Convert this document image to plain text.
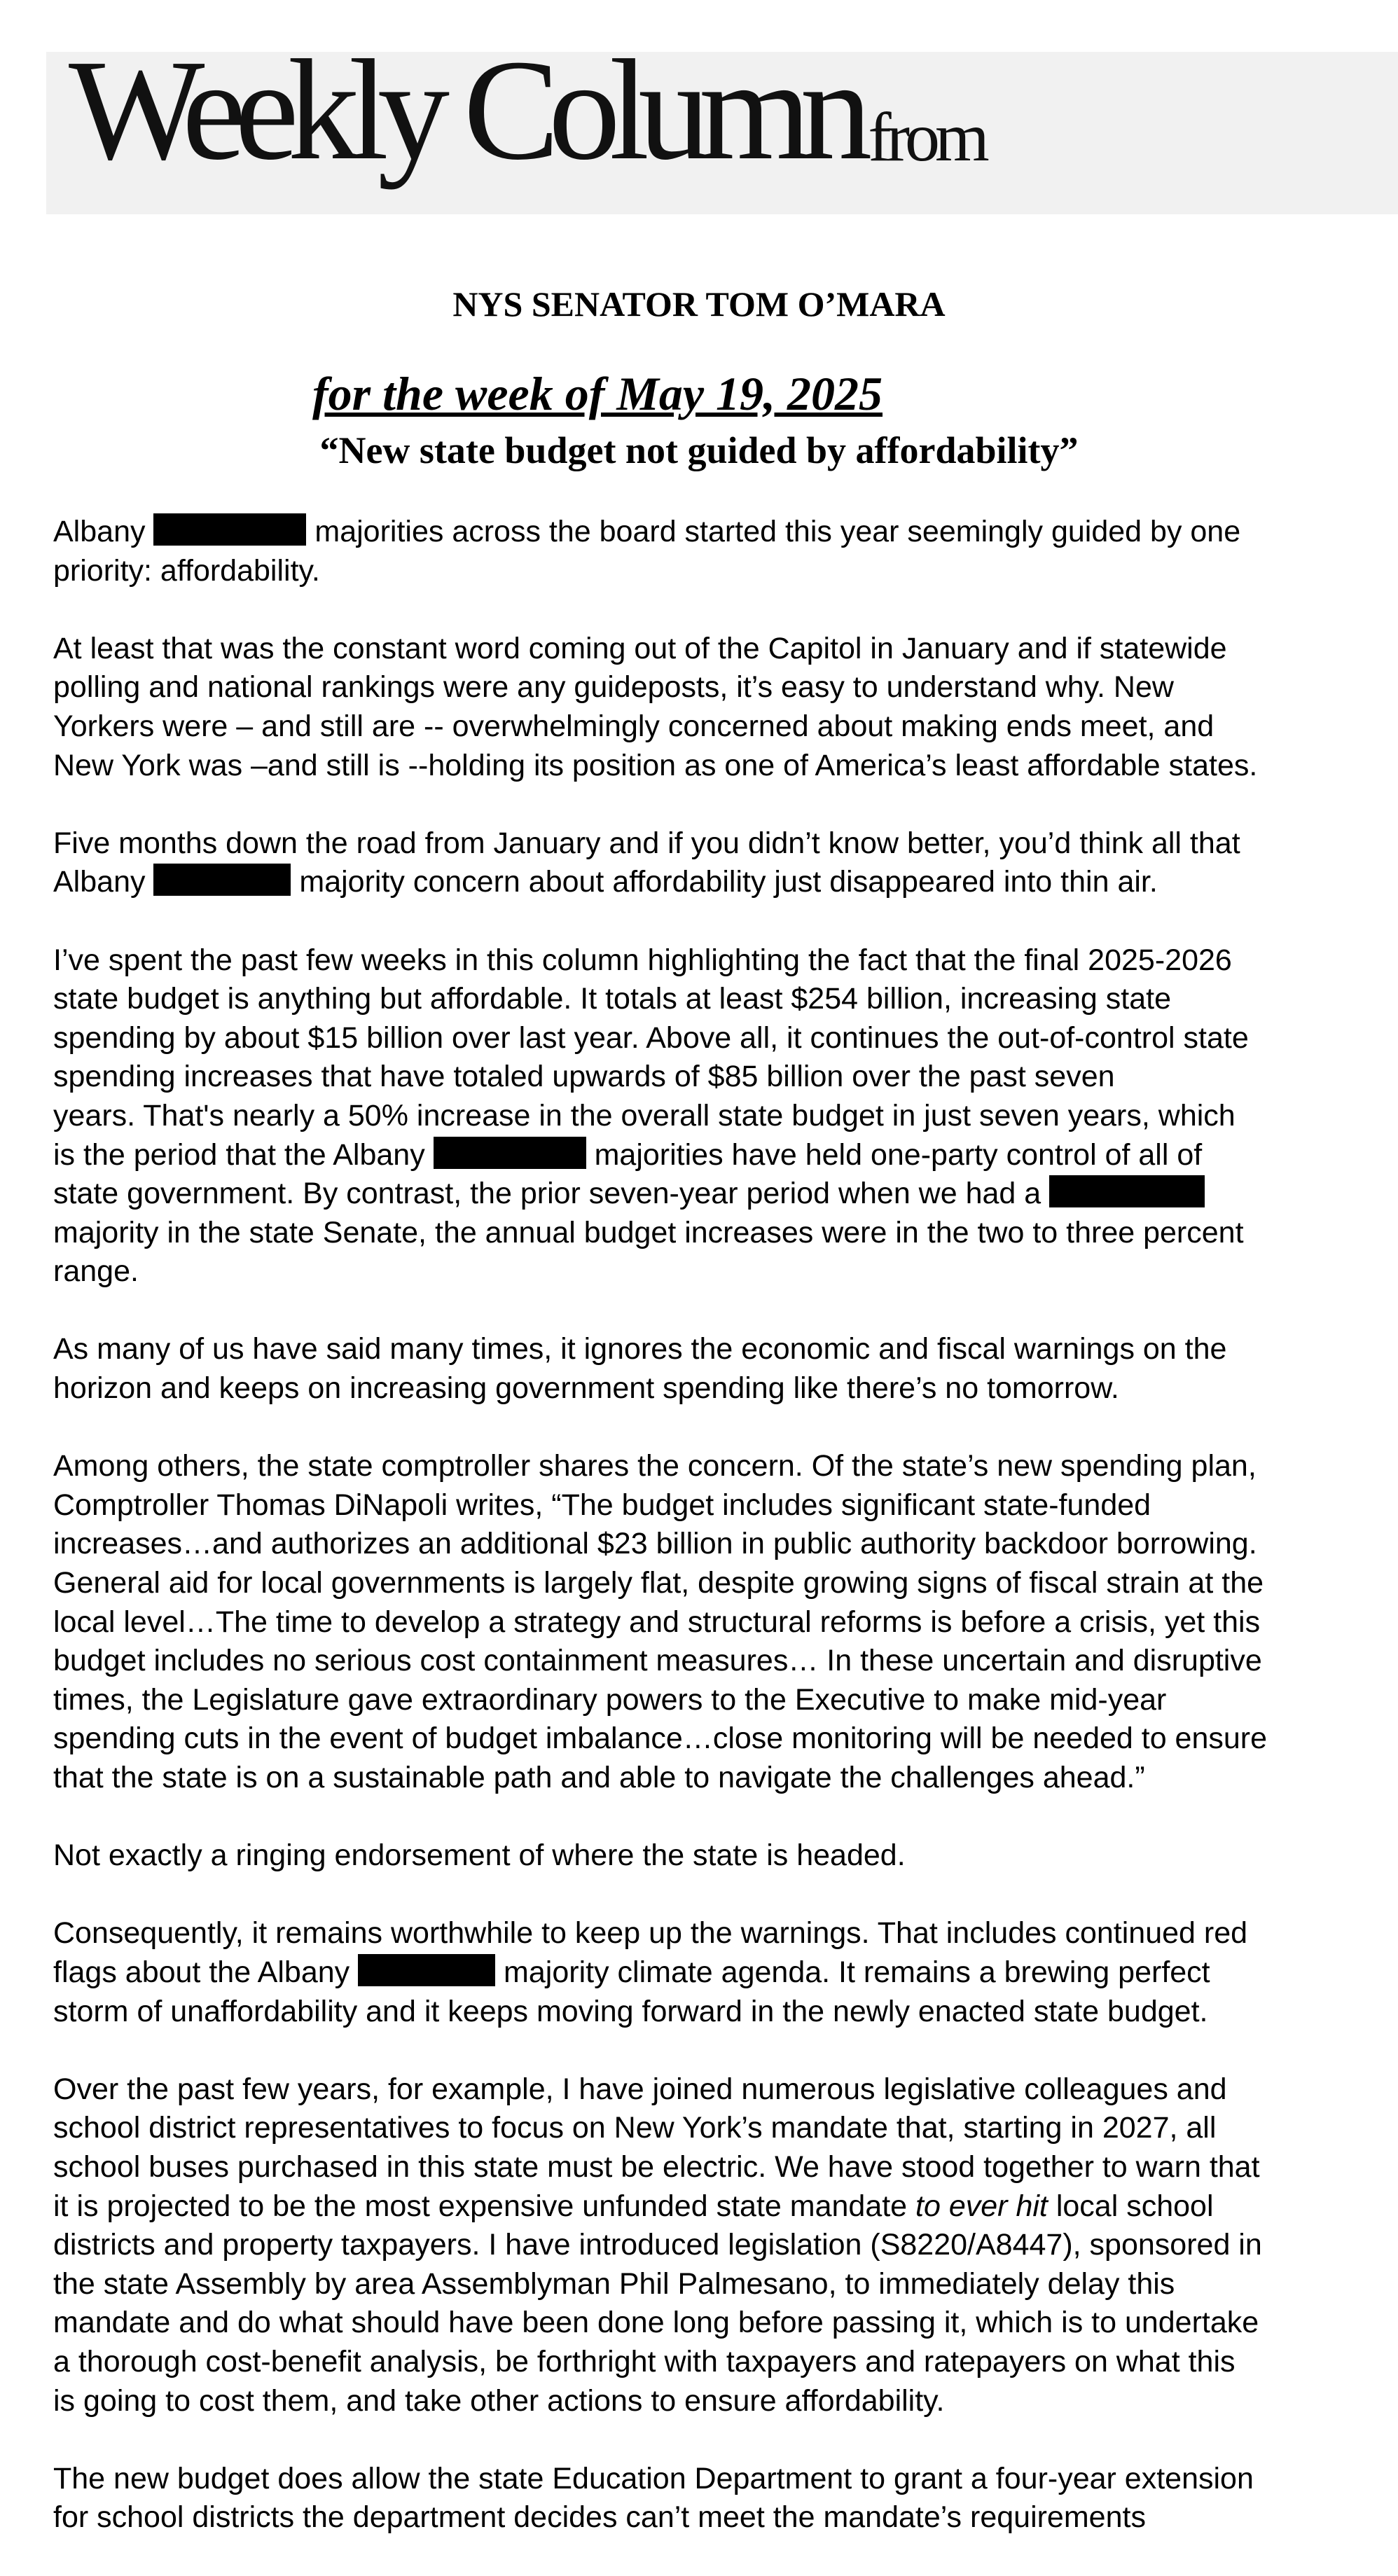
Weekly Column from
NYS SENATOR TOM O’MARA
for the week of May 19, 2025
“New state budget not guided by affordability”

Albany	majorities across the board started this year seemingly guided by one
priority: affordability.

At least that was the constant word coming out of the Capitol in January and if statewide
polling and national rankings were any guideposts, it’s easy to understand why. New
Yorkers were – and still are -- overwhelmingly concerned about making ends meet, and
New York was –and still is --holding its position as one of America’s least affordable states.

Five months down the road from January and if you didn’t know better, you’d think all that
Albany	majority concern about affordability just disappeared into thin air.

I’ve spent the past few weeks in this column highlighting the fact that the final 2025-2026
state budget is anything but affordable. It totals at least $254 billion, increasing state
spending by about $15 billion over last year. Above all, it continues the out-of-control state
spending increases that have totaled upwards of $85 billion over the past seven
years. That's nearly a 50% increase in the overall state budget in just seven years, which
is the period that the Albany	majorities have held one-party control of all of
state government. By contrast, the prior seven-year period when we had a
majority in the state Senate, the annual budget increases were in the two to three percent
range.

As many of us have said many times, it ignores the economic and fiscal warnings on the
horizon and keeps on increasing government spending like there’s no tomorrow.

Among others, the state comptroller shares the concern. Of the state’s new spending plan,
Comptroller Thomas DiNapoli writes, “The budget includes significant state-funded
increases…and authorizes an additional $23 billion in public authority backdoor borrowing.
General aid for local governments is largely flat, despite growing signs of fiscal strain at the
local level…The time to develop a strategy and structural reforms is before a crisis, yet this
budget includes no serious cost containment measures… In these uncertain and disruptive
times, the Legislature gave extraordinary powers to the Executive to make mid-year
spending cuts in the event of budget imbalance…close monitoring will be needed to ensure
that the state is on a sustainable path and able to navigate the challenges ahead.”

Not exactly a ringing endorsement of where the state is headed.

Consequently, it remains worthwhile to keep up the warnings. That includes continued red
flags about the Albany	majority climate agenda. It remains a brewing perfect
storm of unaffordability and it keeps moving forward in the newly enacted state budget.

Over the past few years, for example, I have joined numerous legislative colleagues and
school district representatives to focus on New York’s mandate that, starting in 2027, all
school buses purchased in this state must be electric. We have stood together to warn that
it is projected to be the most expensive unfunded state mandate to ever hit local school
districts and property taxpayers. I have introduced legislation (S8220/A8447), sponsored in
the state Assembly by area Assemblyman Phil Palmesano, to immediately delay this
mandate and do what should have been done long before passing it, which is to undertake
a thorough cost-benefit analysis, be forthright with taxpayers and ratepayers on what this
is going to cost them, and take other actions to ensure affordability.

The new budget does allow the state Education Department to grant a four-year extension
for school districts the department decides can’t meet the mandate’s requirements
